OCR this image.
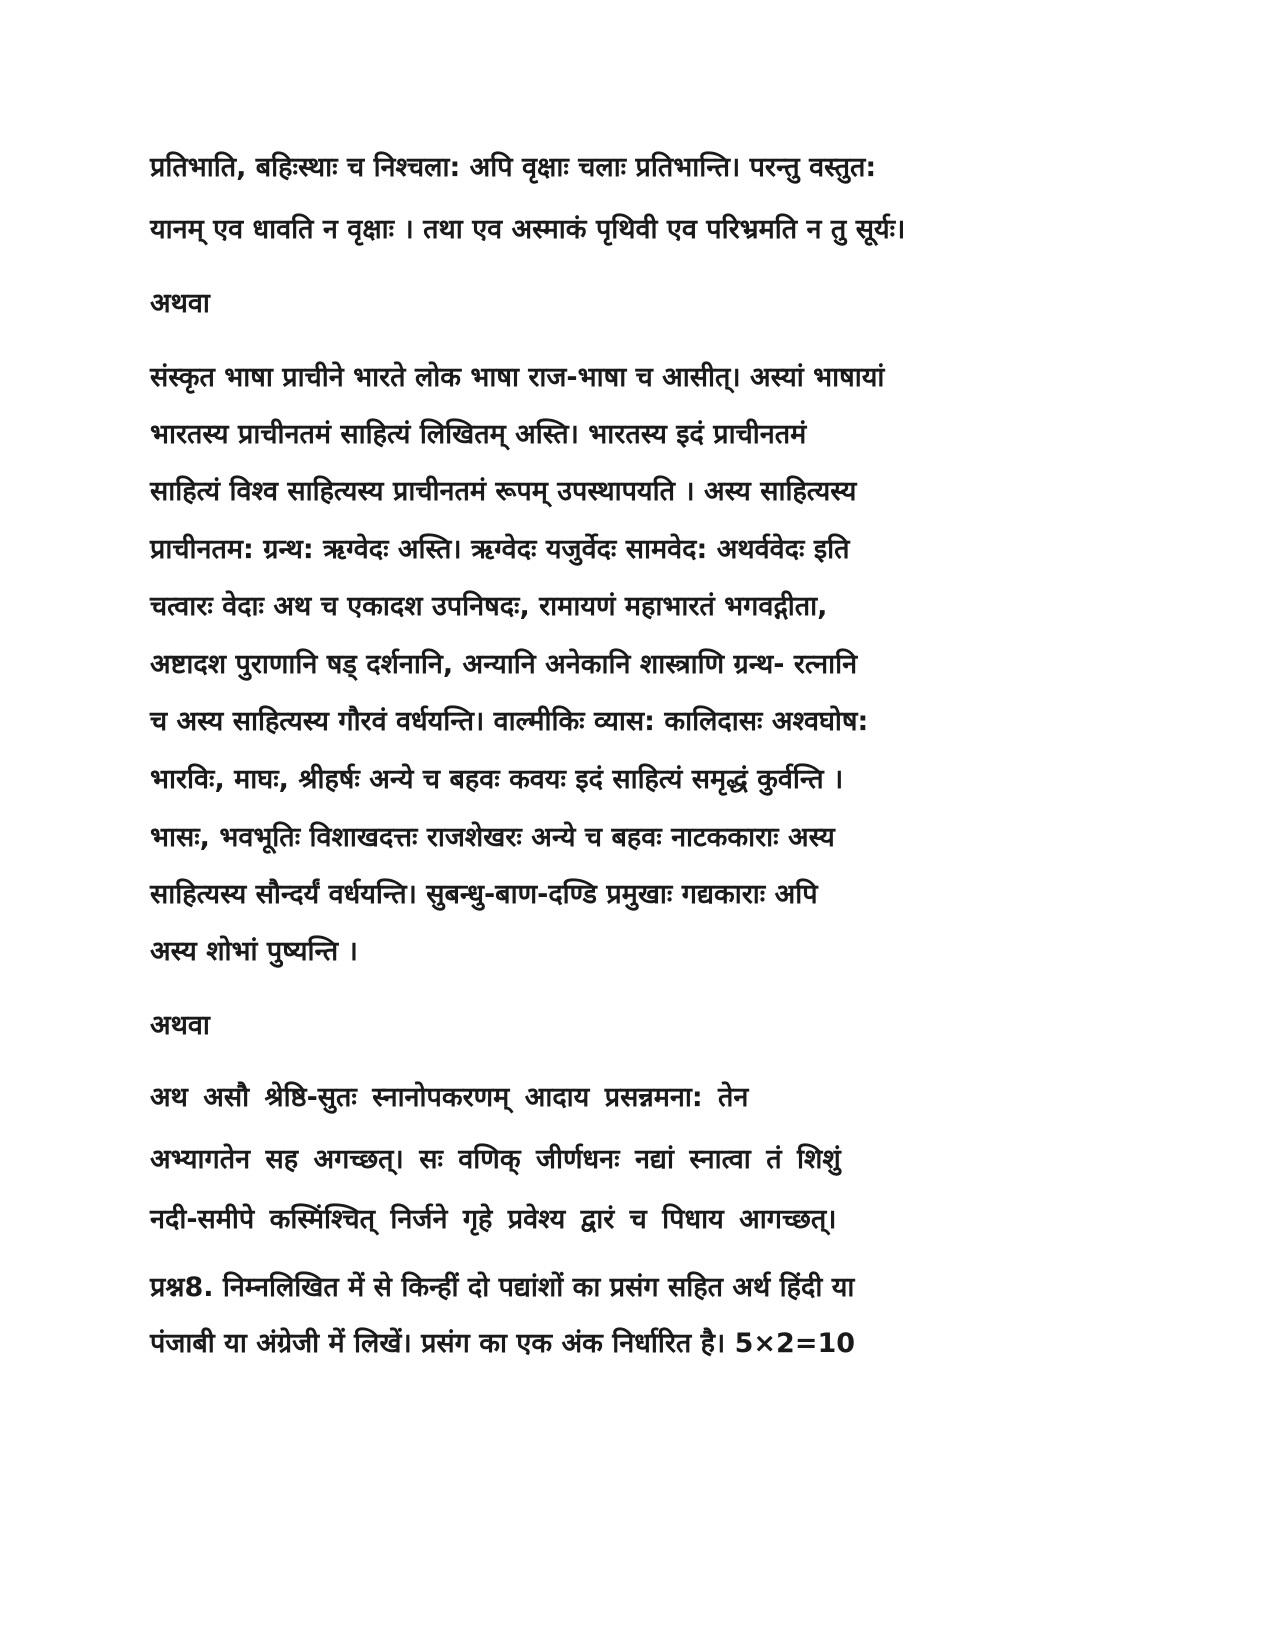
प्रतिभाति, बहिःस्थाः च निश्चला: अपि वृक्षाः चलाः प्रतिभान्ति। परन्तु वस्तुत:
यानम् एव धावति न वृक्षाः । तथा एव अस्माकं पृथिवी एव परिभ्रमति न तु सूर्यः।
अथवा
संस्कृत भाषा प्राचीने भारते लोक भाषा राज-भाषा च आसीत्। अस्यां भाषायां
भारतस्य प्राचीनतमं साहित्यं लिखितम् अस्ति। भारतस्य इदं प्राचीनतमं
साहित्यं विश्व साहित्यस्य प्राचीनतमं रूपम् उपस्थापयति । अस्य साहित्यस्य
प्राचीनतम: ग्रन्थ: ऋग्वेदः अस्ति। ऋग्वेदः यजुर्वेदः सामवेद: अथर्ववेदः इति
चत्वारः वेदाः अथ च एकादश उपनिषदः, रामायणं महाभारतं भगवद्गीता,
अष्टादश पुराणानि षड् दर्शनानि, अन्यानि अनेकानि शास्त्राणि ग्रन्थ- रत्नानि
च अस्य साहित्यस्य गौरवं वर्धयन्ति। वाल्मीकिः व्यास: कालिदासः अश्वघोष:
भारविः, माघः, श्रीहर्षः अन्ये च बहवः कवयः इदं साहित्यं समृद्धं कुर्वन्ति ।
भासः, भवभूतिः विशाखदत्तः राजशेखरः अन्ये च बहवः नाटककाराः अस्य
साहित्यस्य सौन्दर्यं वर्धयन्ति। सुबन्धु-बाण-दण्डि प्रमुखाः गद्यकाराः अपि
अस्य शोभां पुष्यन्ति ।
अथवा
अथ असौ श्रेष्ठि-सुतः स्नानोपकरणम् आदाय प्रसन्नमना: तेन
अभ्यागतेन सह अगच्छत्। सः वणिक् जीर्णधनः नद्यां स्नात्वा तं शिशुं
नदी-समीपे कस्मिंश्चित् निर्जने गृहे प्रवेश्य द्वारं च पिधाय आगच्छत्।
प्रश्न8. निम्नलिखित में से किन्हीं दो पद्यांशों का प्रसंग सहित अर्थ हिंदी या
पंजाबी या अंग्रेजी में लिखें। प्रसंग का एक अंक निर्धारित है। 5×2=10
